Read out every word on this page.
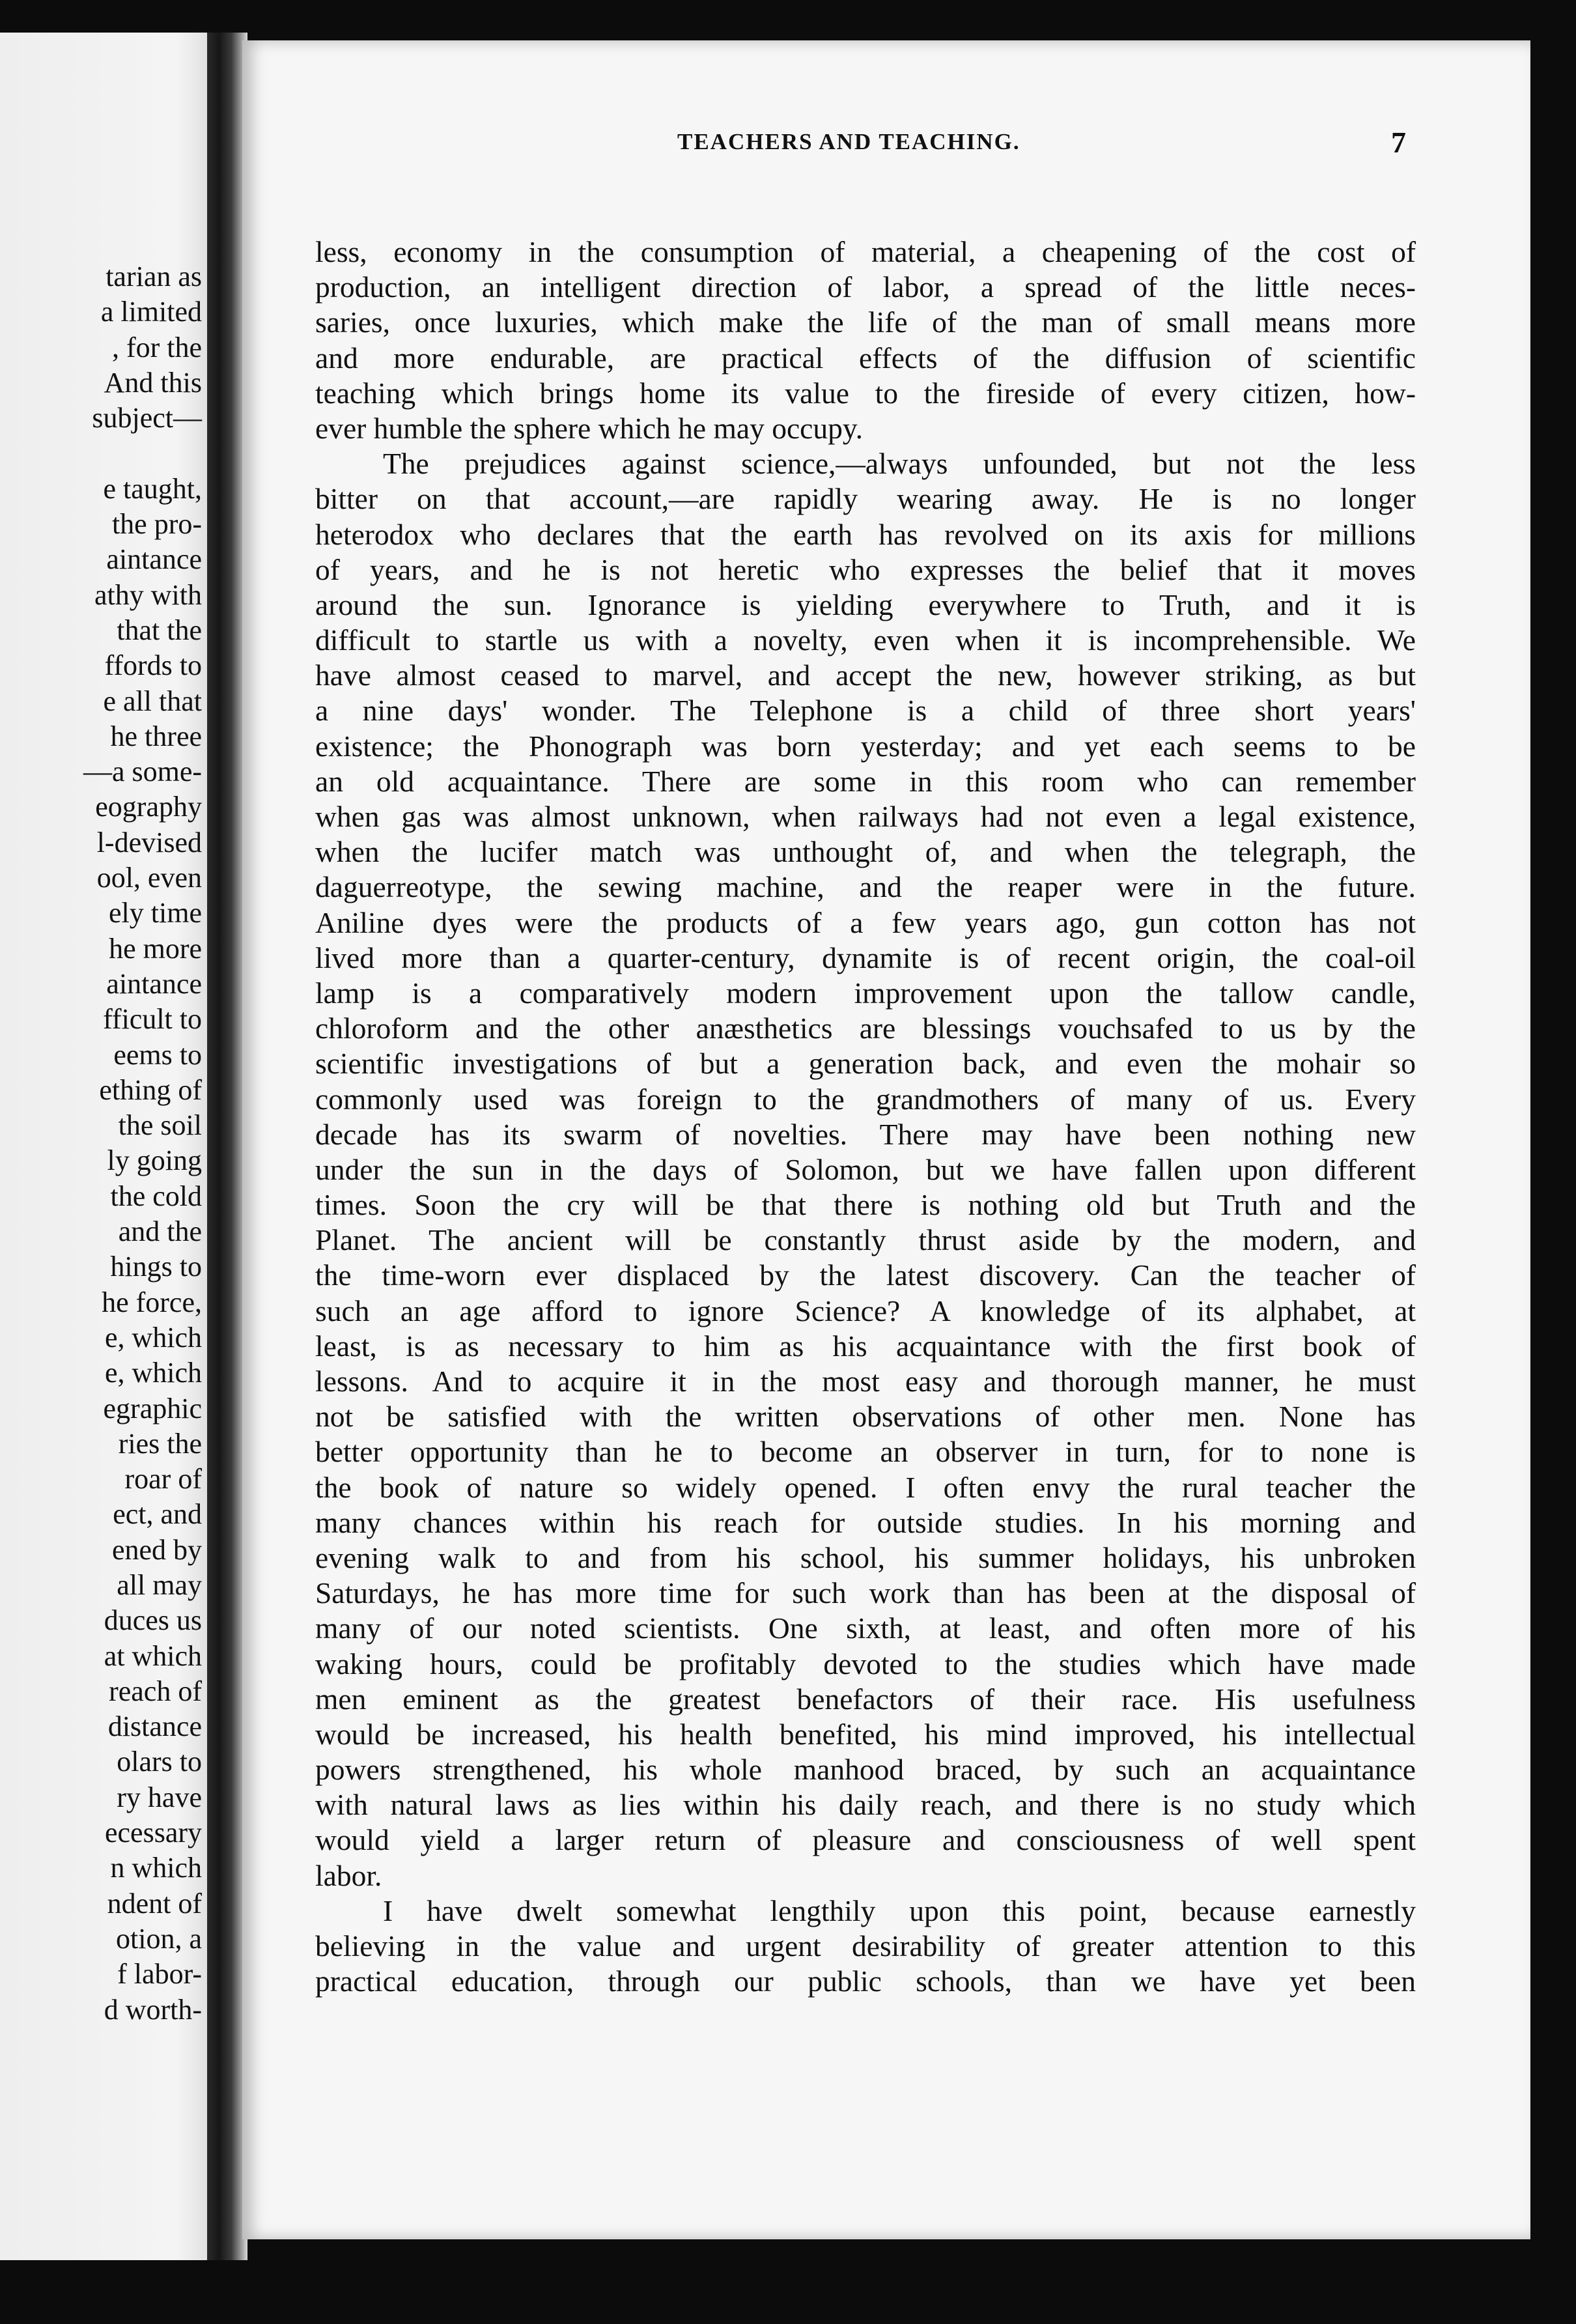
tarian as
a limited
, for the
And this
subject—

e taught,
the pro-
aintance
athy with
that the
ffords to
e all that
he three
—a some-
eography
l-devised
ool, even
ely time
he more
aintance
fficult to
eems to
ething of
the soil
ly going
the cold
and the
hings to
he force,
e, which
e, which
egraphic
ries the
roar of
ect, and
ened by
all may
duces us
at which
reach of
distance
olars to
ry have
ecessary
n which
ndent of
otion, a
f labor-
d worth-
TEACHERS AND TEACHING.	7
less, economy in the consumption of material, a cheapening of the cost of
production, an intelligent direction of labor, a spread of the little neces-
saries, once luxuries, which make the life of the man of small means more
and more endurable, are practical effects of the diffusion of scientific
teaching which brings home its value to the fireside of every citizen, how-
ever humble the sphere which he may occupy.
The prejudices against science,—always unfounded, but not the less
bitter on that account,—are rapidly wearing away. He is no longer
heterodox who declares that the earth has revolved on its axis for millions
of years, and he is not heretic who expresses the belief that it moves
around the sun. Ignorance is yielding everywhere to Truth, and it is
difficult to startle us with a novelty, even when it is incomprehensible. We
have almost ceased to marvel, and accept the new, however striking, as but
a nine days' wonder. The Telephone is a child of three short years'
existence; the Phonograph was born yesterday; and yet each seems to be
an old acquaintance. There are some in this room who can remember
when gas was almost unknown, when railways had not even a legal existence,
when the lucifer match was unthought of, and when the telegraph, the
daguerreotype, the sewing machine, and the reaper were in the future.
Aniline dyes were the products of a few years ago, gun cotton has not
lived more than a quarter-century, dynamite is of recent origin, the coal-oil
lamp is a comparatively modern improvement upon the tallow candle,
chloroform and the other anæsthetics are blessings vouchsafed to us by the
scientific investigations of but a generation back, and even the mohair so
commonly used was foreign to the grandmothers of many of us. Every
decade has its swarm of novelties. There may have been nothing new
under the sun in the days of Solomon, but we have fallen upon different
times. Soon the cry will be that there is nothing old but Truth and the
Planet. The ancient will be constantly thrust aside by the modern, and
the time-worn ever displaced by the latest discovery. Can the teacher of
such an age afford to ignore Science? A knowledge of its alphabet, at
least, is as necessary to him as his acquaintance with the first book of
lessons. And to acquire it in the most easy and thorough manner, he must
not be satisfied with the written observations of other men. None has
better opportunity than he to become an observer in turn, for to none is
the book of nature so widely opened. I often envy the rural teacher the
many chances within his reach for outside studies. In his morning and
evening walk to and from his school, his summer holidays, his unbroken
Saturdays, he has more time for such work than has been at the disposal of
many of our noted scientists. One sixth, at least, and often more of his
waking hours, could be profitably devoted to the studies which have made
men eminent as the greatest benefactors of their race. His usefulness
would be increased, his health benefited, his mind improved, his intellectual
powers strengthened, his whole manhood braced, by such an acquaintance
with natural laws as lies within his daily reach, and there is no study which
would yield a larger return of pleasure and consciousness of well spent
labor.
I have dwelt somewhat lengthily upon this point, because earnestly
believing in the value and urgent desirability of greater attention to this
practical education, through our public schools, than we have yet been
